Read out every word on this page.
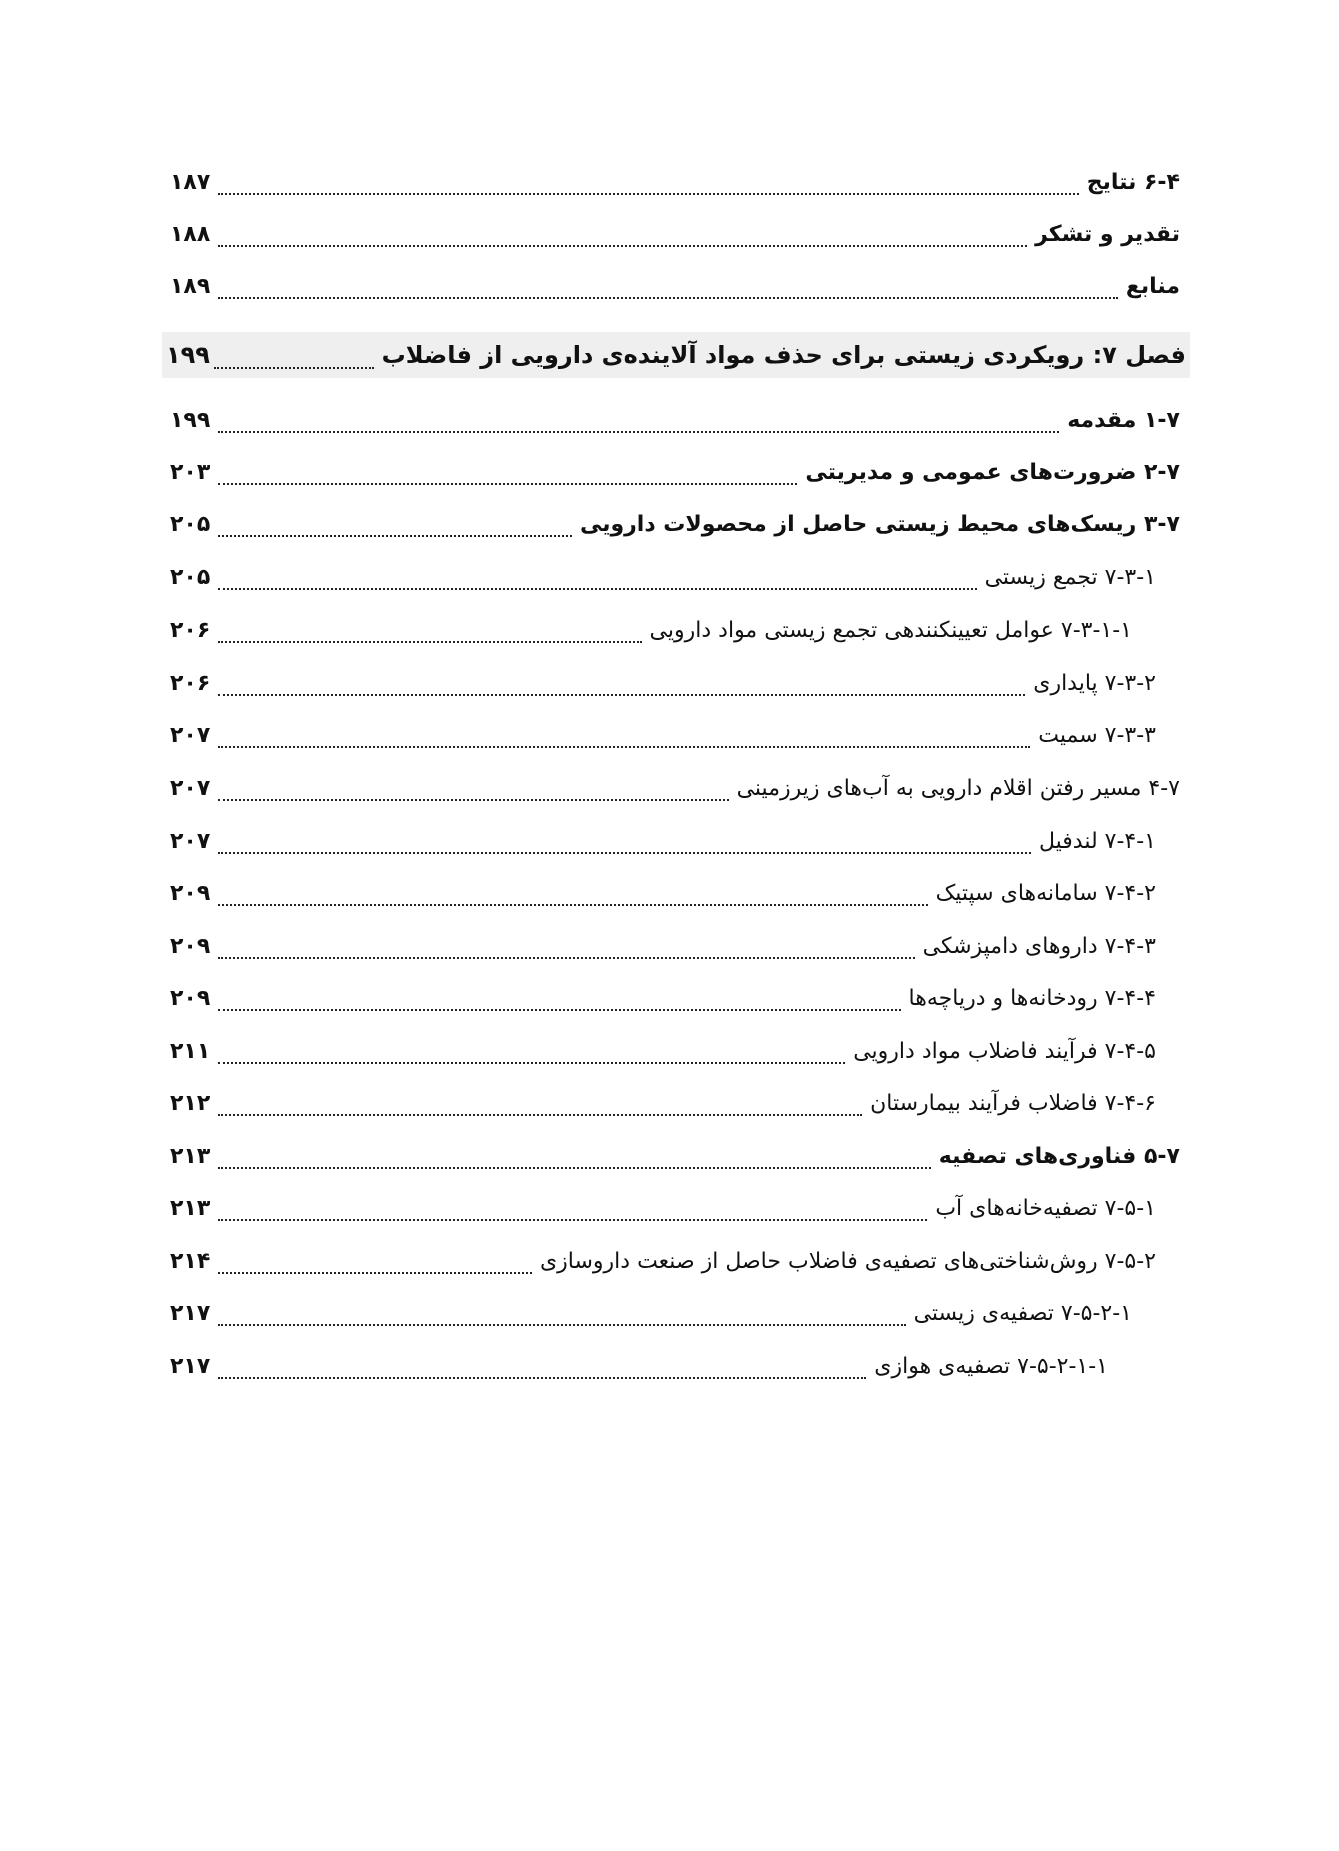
۶-۴ نتایج
۱۸۷
تقدیر و تشکر
۱۸۸
منابع
۱۸۹
فصل ۷: رویکردی زیستی برای حذف مواد آلاینده‌ی دارویی از فاضلاب
۱۹۹
۱-۷ مقدمه
۱۹۹
۲-۷ ضرورت‌های عمومی و مدیریتی
۲۰۳
۳-۷ ریسک‌های محیط زیستی حاصل از محصولات دارویی
۲۰۵
۷-۳-۱ تجمع زیستی
۲۰۵
۷-۳-۱-۱ عوامل تعیینکنندهی تجمع زیستی مواد دارویی
۲۰۶
۷-۳-۲ پایداری
۲۰۶
۷-۳-۳ سمیت
۲۰۷
۴-۷ مسیر رفتن اقلام دارویی به آب‌های زیرزمینی
۲۰۷
۷-۴-۱ لندفیل
۲۰۷
۷-۴-۲ سامانه‌های سپتیک
۲۰۹
۷-۴-۳ داروهای دامپزشکی
۲۰۹
۷-۴-۴ رودخانه‌ها و دریاچه‌ها
۲۰۹
۷-۴-۵ فرآیند فاضلاب مواد دارویی
۲۱۱
۷-۴-۶ فاضلاب فرآیند بیمارستان
۲۱۲
۵-۷ فناوری‌های تصفیه
۲۱۳
۷-۵-۱ تصفیه‌خانه‌های آب
۲۱۳
۷-۵-۲ روش‌شناختی‌های تصفیه‌ی فاضلاب حاصل از صنعت داروسازی
۲۱۴
۷-۵-۲-۱ تصفیه‌ی زیستی
۲۱۷
۷-۵-۲-۱-۱ تصفیه‌ی هوازی
۲۱۷
